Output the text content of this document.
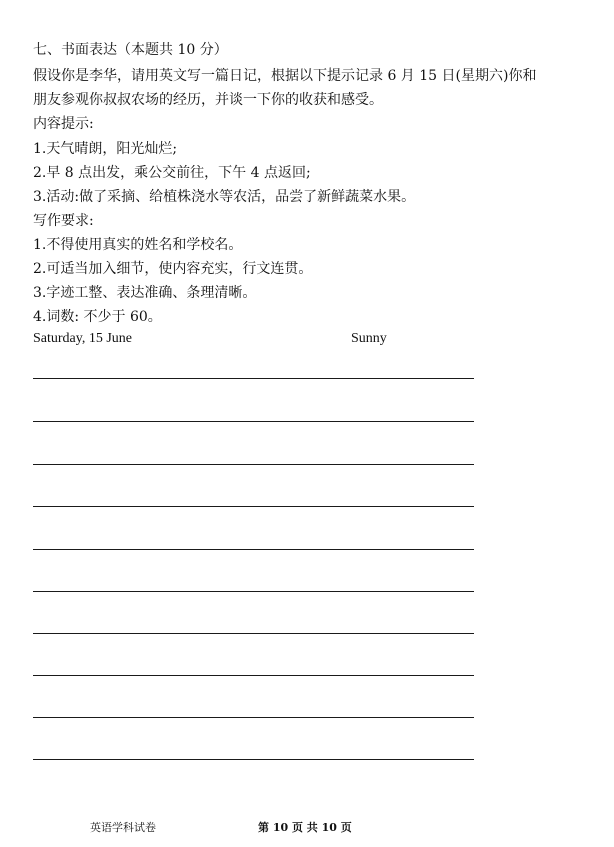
七、书面表达（本题共 10 分）
假设你是李华，请用英文写一篇日记，根据以下提示记录 6 月 15 日(星期六)你和
朋友参观你叔叔农场的经历，并谈一下你的收获和感受。
内容提示:
1.天气晴朗，阳光灿烂;
2.早 8 点出发，乘公交前往，下午 4 点返回;
3.活动:做了采摘、给植株浇水等农活，品尝了新鲜蔬菜水果。
写作要求:
1.不得使用真实的姓名和学校名。
2.可适当加入细节，使内容充实，行文连贯。
3.字迹工整、表达准确、条理清晰。
4.词数: 不少于 60。
Saturday, 15 June	Sunny
英语学科试卷	第 10 页 共 10 页
